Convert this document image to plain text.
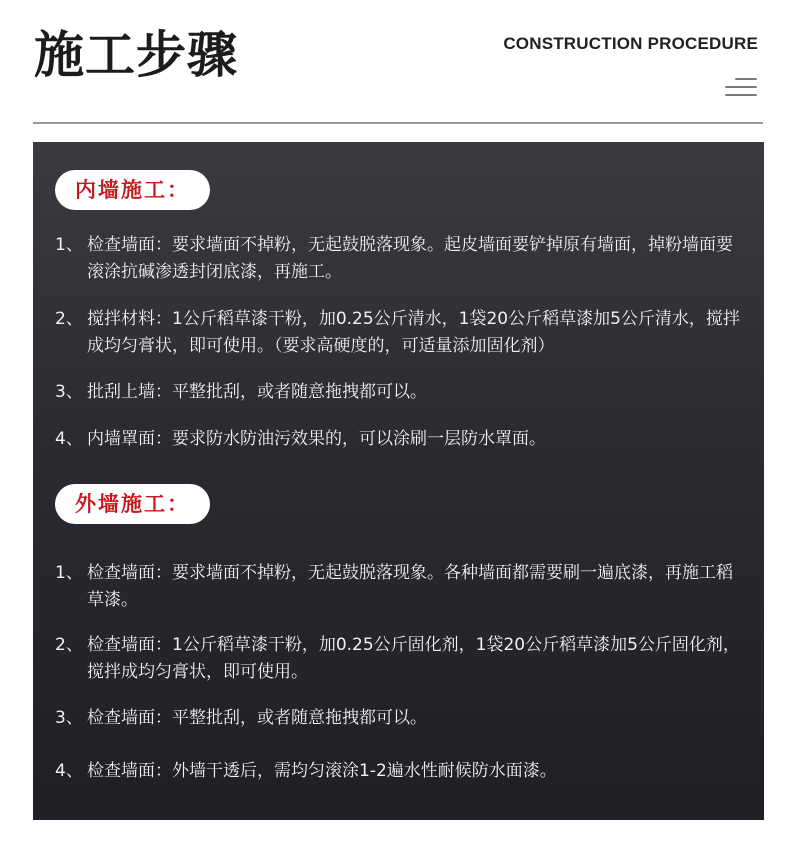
施工步骤	CONSTRUCTION PROCEDURE
内墙施工：
1、 检查墙面：要求墙面不掉粉，无起鼓脱落现象。起皮墙面要铲掉原有墙面，掉粉墙面要滚涂抗碱渗透封闭底漆，再施工。
2、 搅拌材料：1公斤稻草漆干粉，加0.25公斤清水，1袋20公斤稻草漆加5公斤清水，搅拌成均匀膏状，即可使用。（要求高硬度的，可适量添加固化剂）
3、 批刮上墙：平整批刮，或者随意拖拽都可以。
4、 内墙罩面：要求防水防油污效果的，可以涂刷一层防水罩面。
外墙施工：
1、 检查墙面：要求墙面不掉粉，无起鼓脱落现象。各种墙面都需要刷一遍底漆，再施工稻草漆。
2、 检查墙面：1公斤稻草漆干粉，加0.25公斤固化剂，1袋20公斤稻草漆加5公斤固化剂，搅拌成均匀膏状，即可使用。
3、 检查墙面：平整批刮，或者随意拖拽都可以。
4、 检查墙面：外墙干透后，需均匀滚涂1-2遍水性耐候防水面漆。
